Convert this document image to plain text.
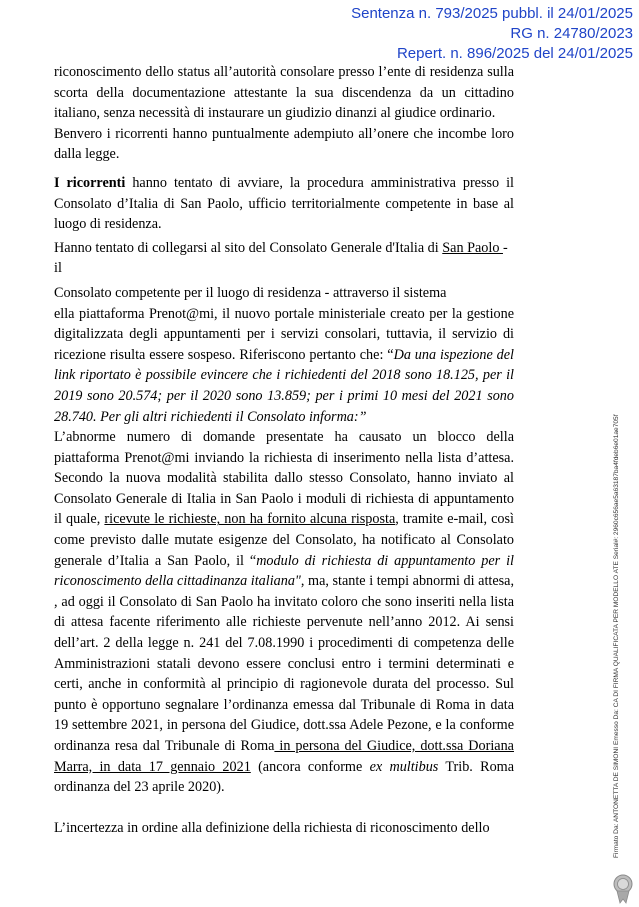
Sentenza n. 793/2025 pubbl. il 24/01/2025
RG n. 24780/2023
Repert. n. 896/2025 del 24/01/2025

riconoscimento dello status all’autorità consolare presso l’ente di residenza sulla scorta della documentazione attestante la sua discendenza da un cittadino italiano, senza necessità di instaurare un giudizio dinanzi al giudice ordinario.

Benvero i ricorrenti hanno puntualmente adempiuto all’onere che incombe loro dalla legge.

I ricorrenti hanno tentato di avviare, la procedura amministrativa presso il Consolato d’Italia di San Paolo, ufficio territorialmente competente in base al luogo di residenza.

Hanno tentato di collegarsi al sito del Consolato Generale d'Italia di San Paolo - il

Consolato competente per il luogo di residenza - attraverso il sistema
ella piattaforma Prenot@mi, il nuovo portale ministeriale creato per la gestione digitalizzata degli appuntamenti per i servizi consolari, tuttavia, il servizio di ricezione risulta essere sospeso. Riferiscono pertanto che: “Da una ispezione del link riportato è possibile evincere che i richiedenti del 2018 sono 18.125, per il 2019 sono 20.574; per il 2020 sono 13.859; per i primi 10 mesi del 2021 sono 28.740. Per gli altri richiedenti il Consolato informa:”

L’abnorme numero di domande presentate ha causato un blocco della piattaforma Prenot@mi inviando la richiesta di inserimento nella lista d’attesa. Secondo la nuova modalità stabilita dallo stesso Consolato, hanno inviato al Consolato Generale di Italia in San Paolo i moduli di richiesta di appuntamento il quale, ricevute le richieste, non ha fornito alcuna risposta, tramite e-mail, così come previsto dalle mutate esigenze del Consolato, ha notificato al Consolato generale d’Italia a San Paolo, il “modulo di richiesta di appuntamento per il riconoscimento della cittadinanza italiana", ma, stante i tempi abnormi di attesa, , ad oggi il Consolato di San Paolo ha invitato coloro che sono inseriti nella lista di attesa facente riferimento alle richieste pervenute nell’anno 2012. Ai sensi dell’art. 2 della legge n. 241 del 7.08.1990 i procedimenti di competenza delle Amministrazioni statali devono essere conclusi entro i termini determinati e certi, anche in conformità al principio di ragionevole durata del processo. Sul punto è opportuno segnalare l’ordinanza emessa dal Tribunale di Roma in data 19 settembre 2021, in persona del Giudice, dott.ssa Adele Pezone, e la conforme ordinanza resa dal Tribunale di Roma in persona del Giudice, dott.ssa Doriana Marra, in data 17 gennaio 2021 (ancora conforme ex multibus Trib. Roma ordinanza del 23 aprile 2020).

L’incertezza in ordine alla definizione della richiesta di riconoscimento dello	Firmato Da: ANTONETTA DE SIMONI Emesso Da: CA DI FIRMA QUALIFICATA PER MODELLO ATE Serial#: 2960c656ae5a63187ba4fdeb6e01ae705f
